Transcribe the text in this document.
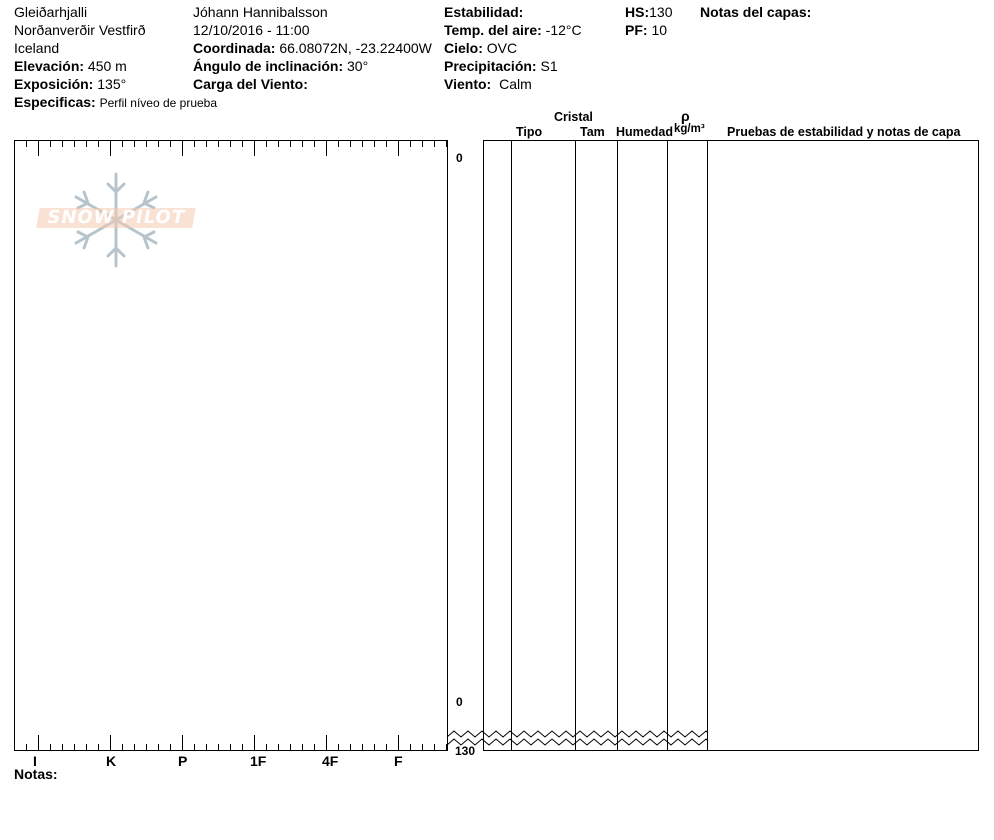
Gleiðarhjalli
Norðanverðir Vestfirð
Iceland
Elevación: 450 m
Exposición: 135°
Especificas: Perfil níveo de prueba
Jóhann Hannibalsson
12/10/2016 - 11:00
Coordinada: 66.08072N, -23.22400W
Ángulo de inclinación: 30°
Carga del Viento:
Estabilidad:
Temp. del aire: -12°C
Cielo: OVC
Precipitación: S1
Viento: Calm
HS:130
PF: 10
Notas del capas:
Cristal
Tipo	Tam Humedad
ρ
kg/m³ Pruebas de estabilidad y notas de capa
SNOW PILOT
I	K	P	1F	4F	F
0
0
130
Notas:
